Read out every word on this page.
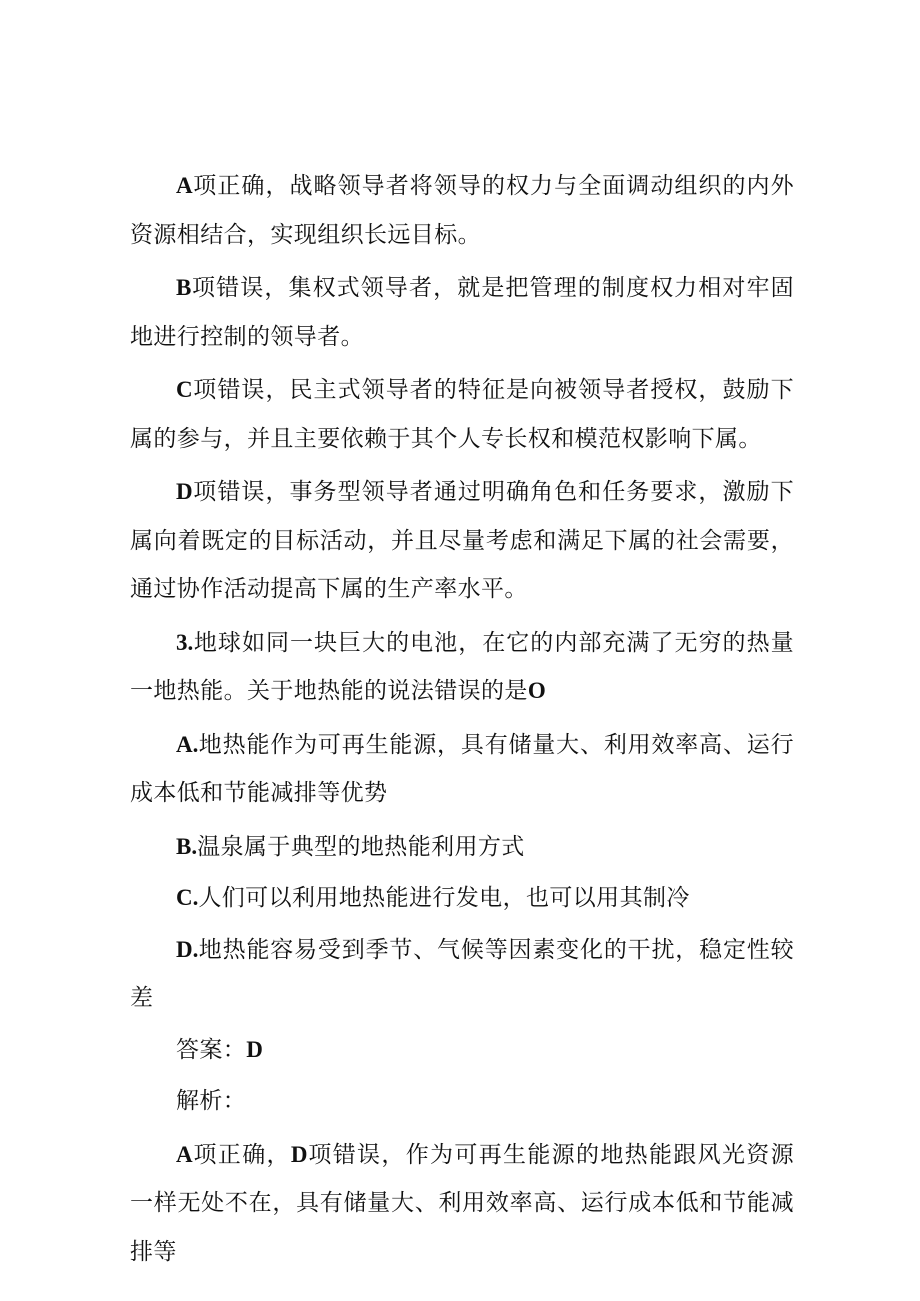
A项正确，战略领导者将领导的权力与全面调动组织的内外资源相结合，实现组织长远目标。

B项错误，集权式领导者，就是把管理的制度权力相对牢固地进行控制的领导者。

C项错误，民主式领导者的特征是向被领导者授权，鼓励下属的参与，并且主要依赖于其个人专长权和模范权影响下属。

D项错误，事务型领导者通过明确角色和任务要求，激励下属向着既定的目标活动，并且尽量考虑和满足下属的社会需要，通过协作活动提高下属的生产率水平。

3.地球如同一块巨大的电池，在它的内部充满了无穷的热量一地热能。关于地热能的说法错误的是O

A.地热能作为可再生能源，具有储量大、利用效率高、运行成本低和节能减排等优势

B.温泉属于典型的地热能利用方式

C.人们可以利用地热能进行发电，也可以用其制冷

D.地热能容易受到季节、气候等因素变化的干扰，稳定性较差

答案：D

解析：

A项正确，D项错误，作为可再生能源的地热能跟风光资源一样无处不在，具有储量大、利用效率高、运行成本低和节能减排等
